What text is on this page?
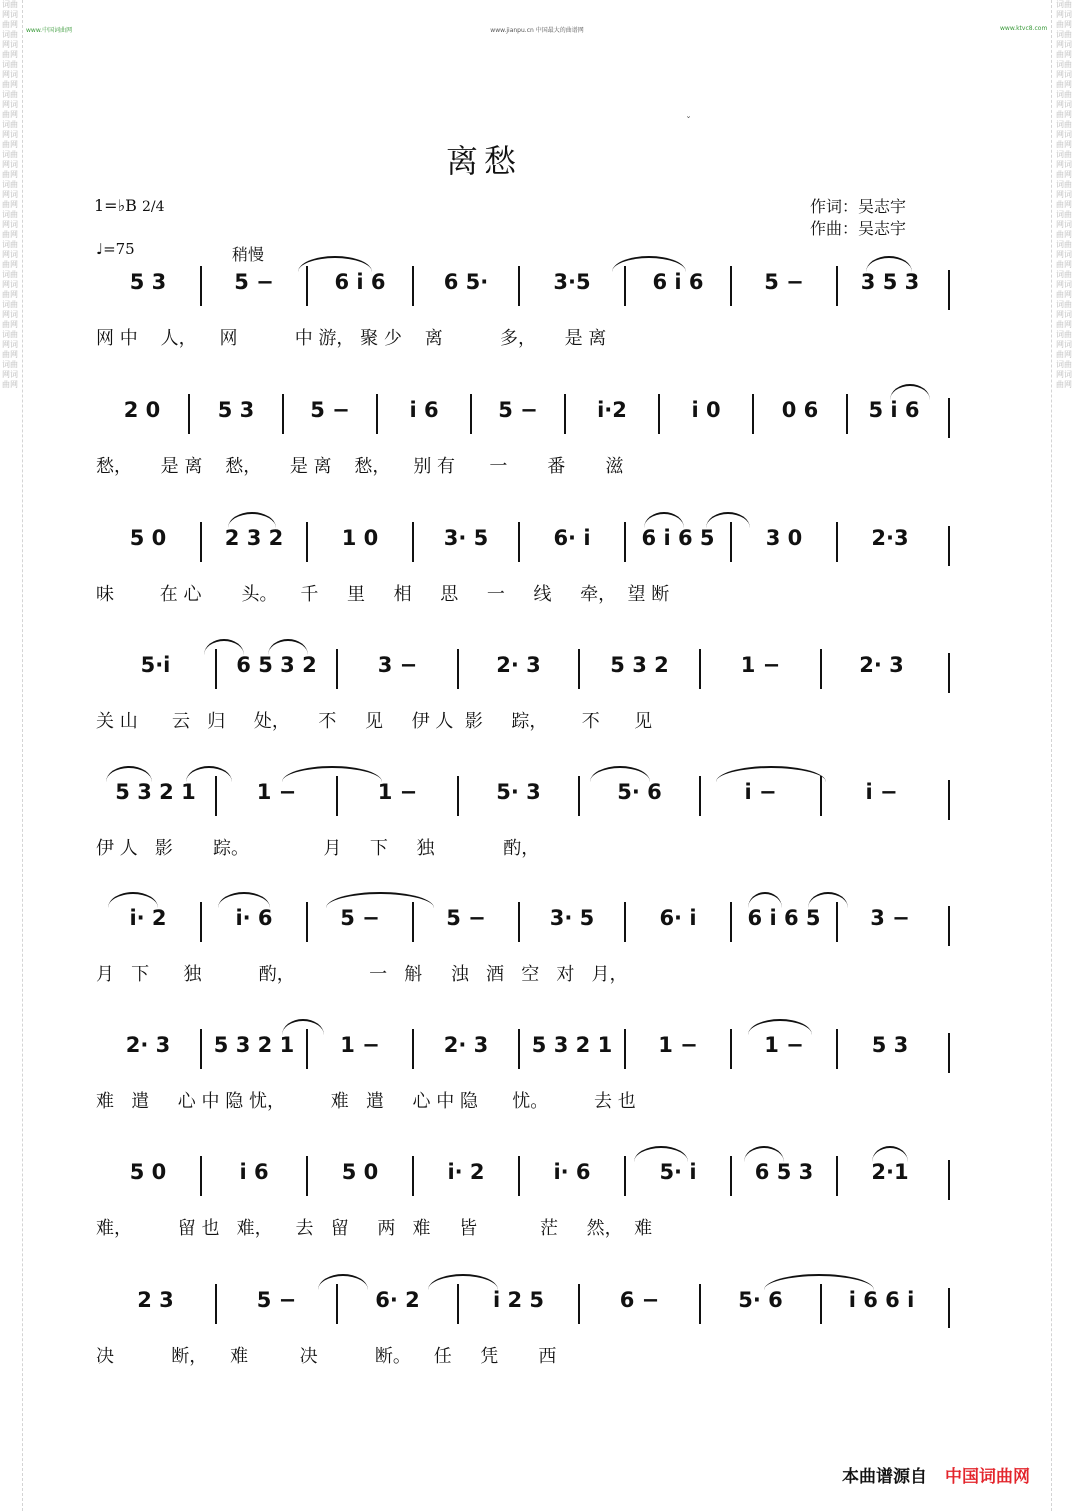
词曲网词曲网词曲网词曲网词曲网词曲网词曲网词曲网词曲网词曲网词曲网词曲网词曲网词曲网词曲网词曲网词曲网词曲网词曲网词曲网词曲网词曲网词曲网词曲网词曲网词曲网
词曲网词曲网词曲网词曲网词曲网词曲网词曲网词曲网词曲网词曲网词曲网词曲网词曲网词曲网词曲网词曲网词曲网词曲网词曲网词曲网词曲网词曲网词曲网词曲网词曲网词曲网
www.中国词曲网	www.jianpu.cn 中国最大的曲谱网	www.ktvc8.com
ˇ
离愁
1=♭B 2/4
♩=75	稍慢
作词：吴志宇
作曲：吴志宇
5 3	5 −	6 i 6	6 5·	3·5	6 i 6	5 −	3 5 3
网 中    人，    网          中 游， 聚 少    离          多，     是 离
2 0	5 3	5 −	i 6	5 −	i·2	i 0	0 6	5 i 6
愁，     是 离    愁，     是 离    愁，    别 有      一       番       滋
5 0	2 3 2	1 0	3· 5	6· i	6 i 6 5	3 0	2·3
味        在 心       头。    千     里     相     思     一     线     牵，  望 断
5·i	6 5 3 2	3 −	2· 3	5 3 2	1 −	2· 3
关 山      云   归     处，     不     见     伊 人  影     踪，      不      见
5 3 2 1	1 −	1 −	5· 3	5· 6	i −	i −
伊 人   影       踪。             月     下     独            酌，
i· 2	i· 6	5 −	5 −	3· 5	6· i	6 i 6 5	3 −
月   下      独          酌，             一   斛     浊   酒   空   对   月，
2· 3	5 3 2 1	1 −	2· 3	5 3 2 1	1 −	1 −	5 3
难   遣     心 中 隐 忧，        难   遣     心 中 隐      忧。        去 也
5 0	i 6	5 0	i· 2	i· 6	5· i	6 5 3	2·1
难，        留 也   难，    去   留     两   难     皆           茫     然，  难
2 3	5 −	6· 2	i 2 5	6 −	5· 6	i 6 6 i
决          断，    难         决          断。    任     凭       西
本曲谱源自 中国词曲网
